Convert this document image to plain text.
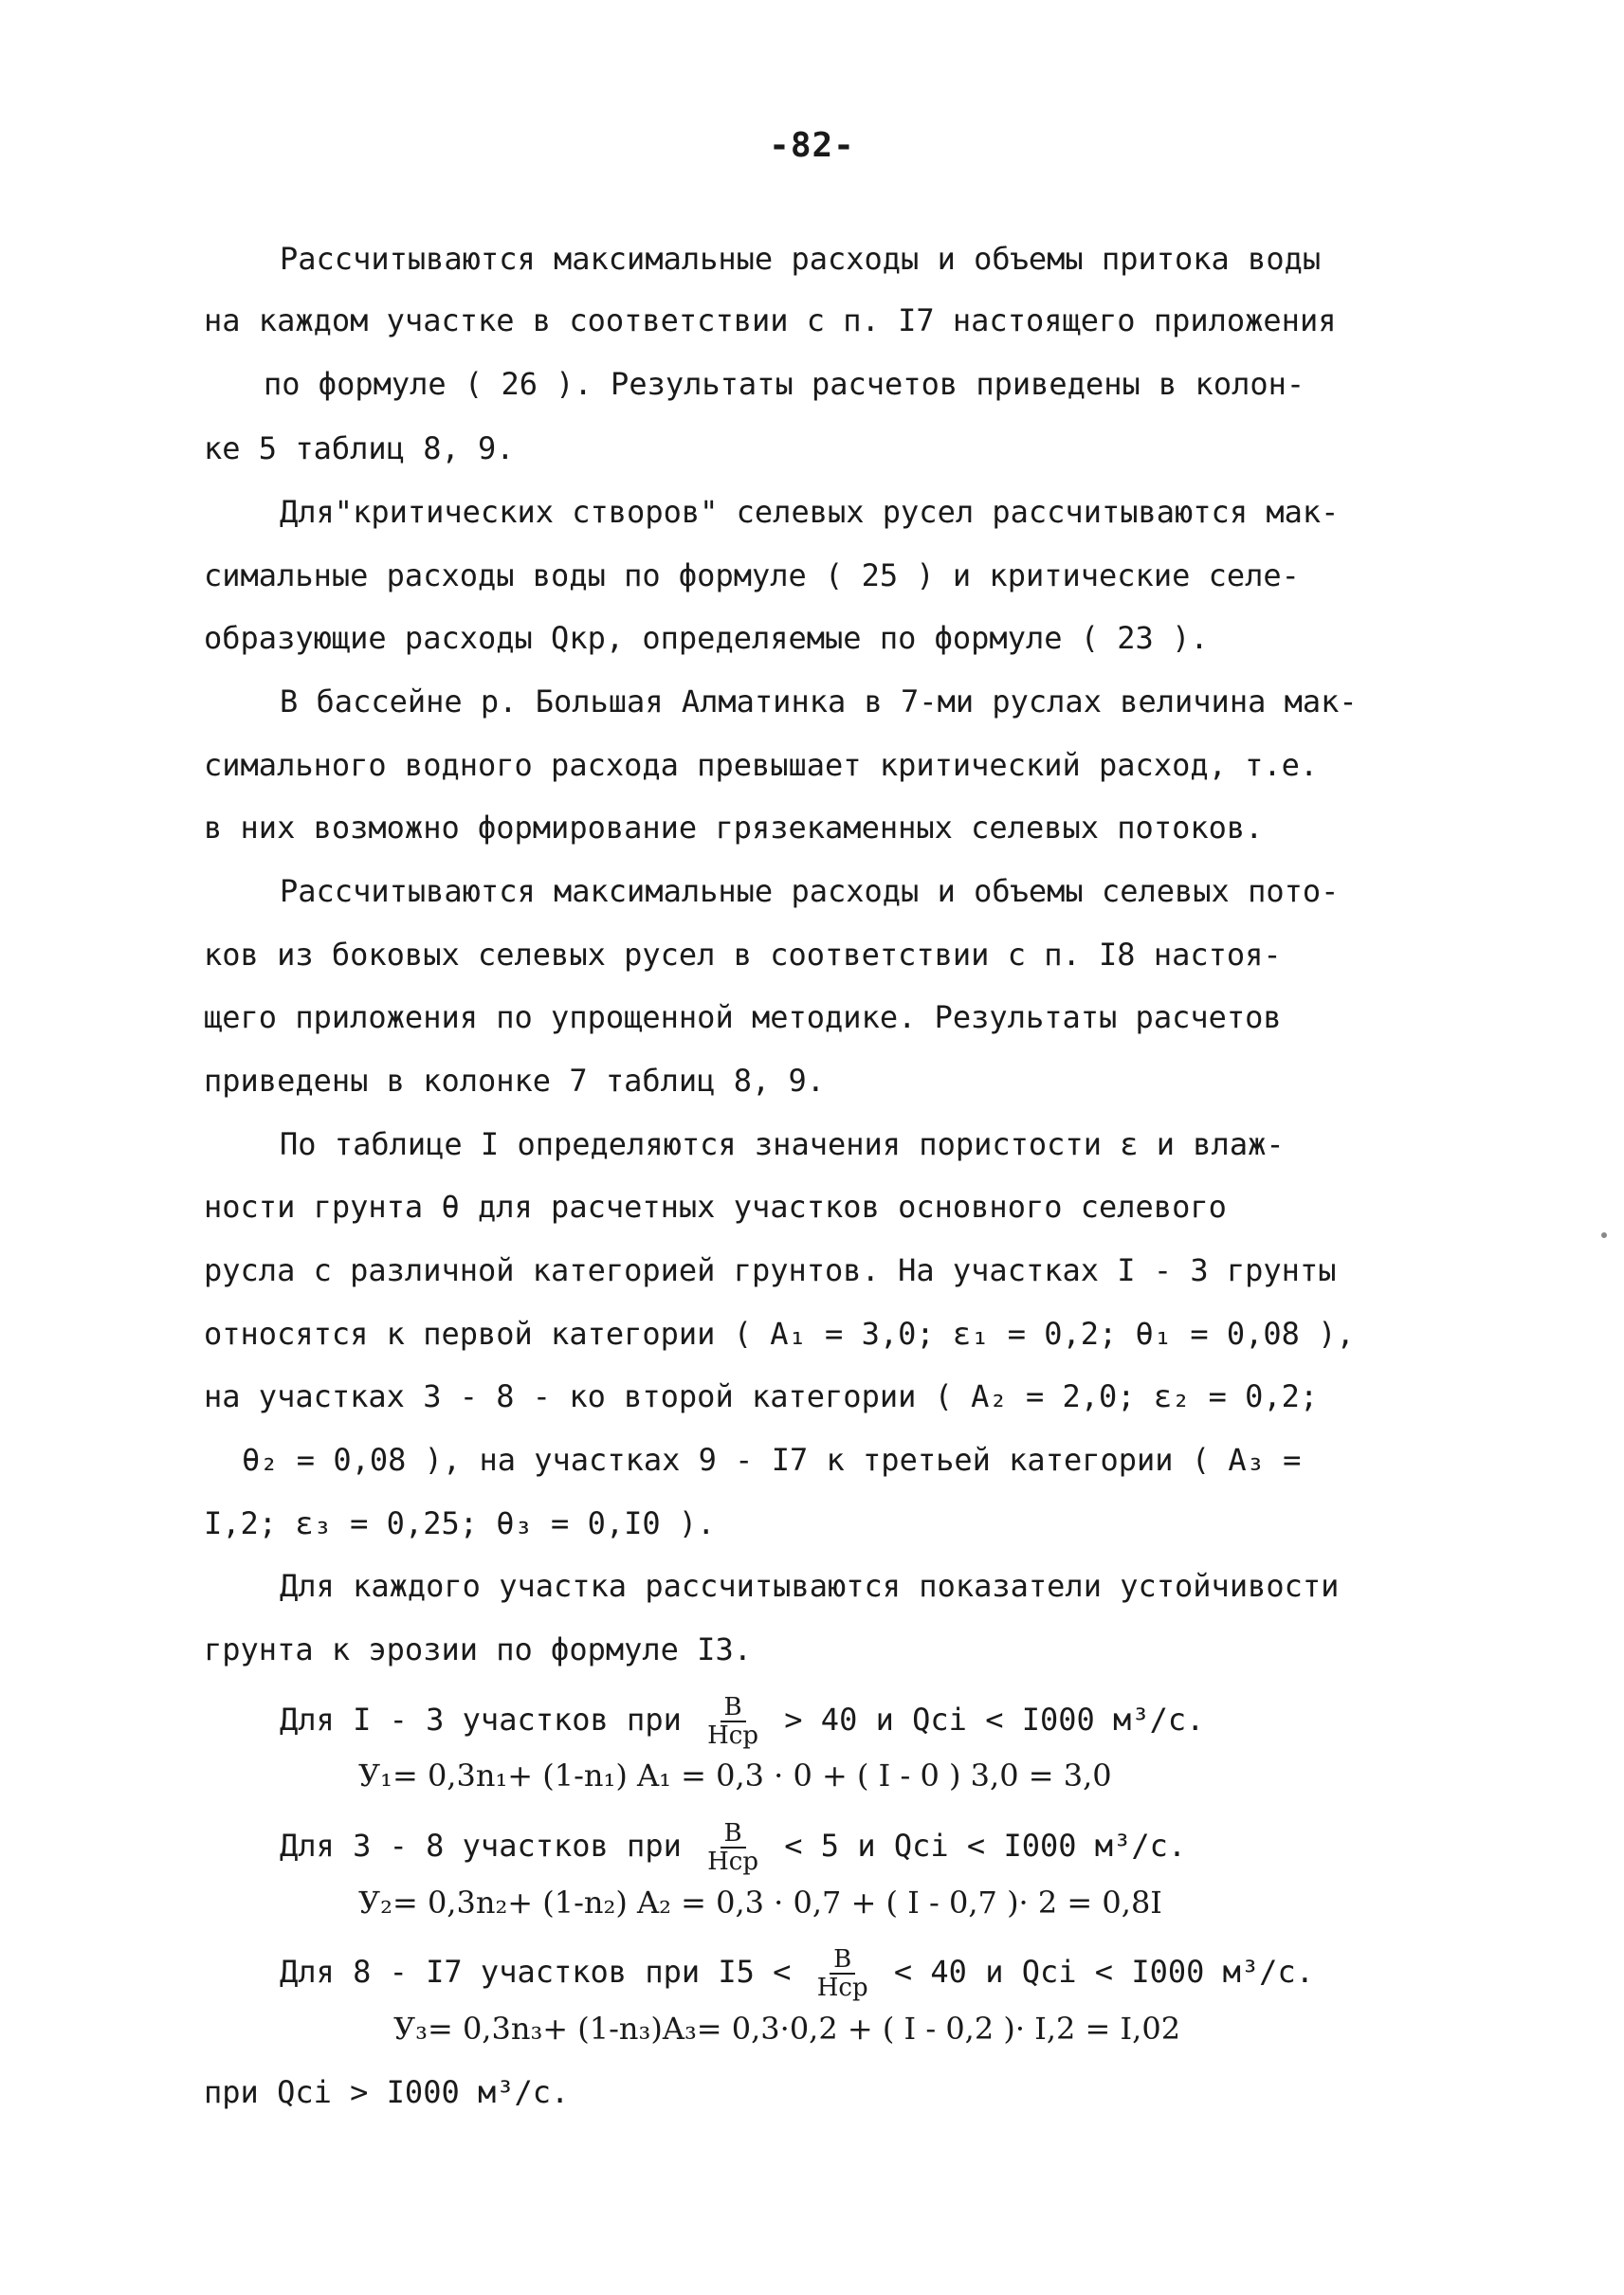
-82-
Рассчитываются максимальные расходы и объемы притока воды
на каждом участке в соответствии с п. I7 настоящего приложения
по формуле ( 26 ). Результаты расчетов приведены в колон-
ке 5 таблиц 8, 9.
Для"критических створов" селевых русел рассчитываются мак-
симальные расходы воды по формуле ( 25 ) и критические селе-
образующие расходы Qкр, определяемые по формуле ( 23 ).
В бассейне р. Большая Алматинка в 7-ми руслах величина мак-
симального водного расхода превышает критический расход, т.е.
в них возможно формирование грязекаменных селевых потоков.
Рассчитываются максимальные расходы и объемы селевых пото-
ков из боковых селевых русел в соответствии с п. I8 настоя-
щего приложения по упрощенной методике. Результаты расчетов
приведены в колонке 7 таблиц 8, 9.
По таблице I определяются значения пористости ε и влаж-
ности грунта θ для расчетных участков основного селевого
русла с различной категорией грунтов. На участках I - 3 грунты
относятся к первой категории ( A₁ = 3,0; ε₁ = 0,2; θ₁ = 0,08 ),
на участках 3 - 8 - ко второй категории ( A₂ = 2,0; ε₂ = 0,2;
θ₂ = 0,08 ), на участках 9 - I7 к третьей категории ( A₃ =
I,2; ε₃ = 0,25; θ₃ = 0,I0 ).
Для каждого участка рассчитываются показатели устойчивости
грунта к эрозии по формуле I3.
Для I - 3 участков при $\frac{B}{\text{Hср}} > 40$ и Qсi < I000 м³/с.
У₁= 0,3n₁+ (1-n₁) A₁ = 0,3 · 0 + ( I - 0 ) 3,0 = 3,0
Для 3 - 8 участков при $\frac{B}{\text{Hср}} < 5$ и Qсi < I000 м³/с.
У₂= 0,3n₂+ (1-n₂) A₂ = 0,3 · 0,7 + ( I - 0,7 )· 2 = 0,8I
Для 8 - I7 участков при $I5 < \frac{B}{\text{Hср}} < 40$ и Qсi < I000 м³/с.
У₃= 0,3n₃+ (1-n₃)A₃= 0,3·0,2 + ( I - 0,2 )· I,2 = I,02
при Qсi > I000 м³/с.
